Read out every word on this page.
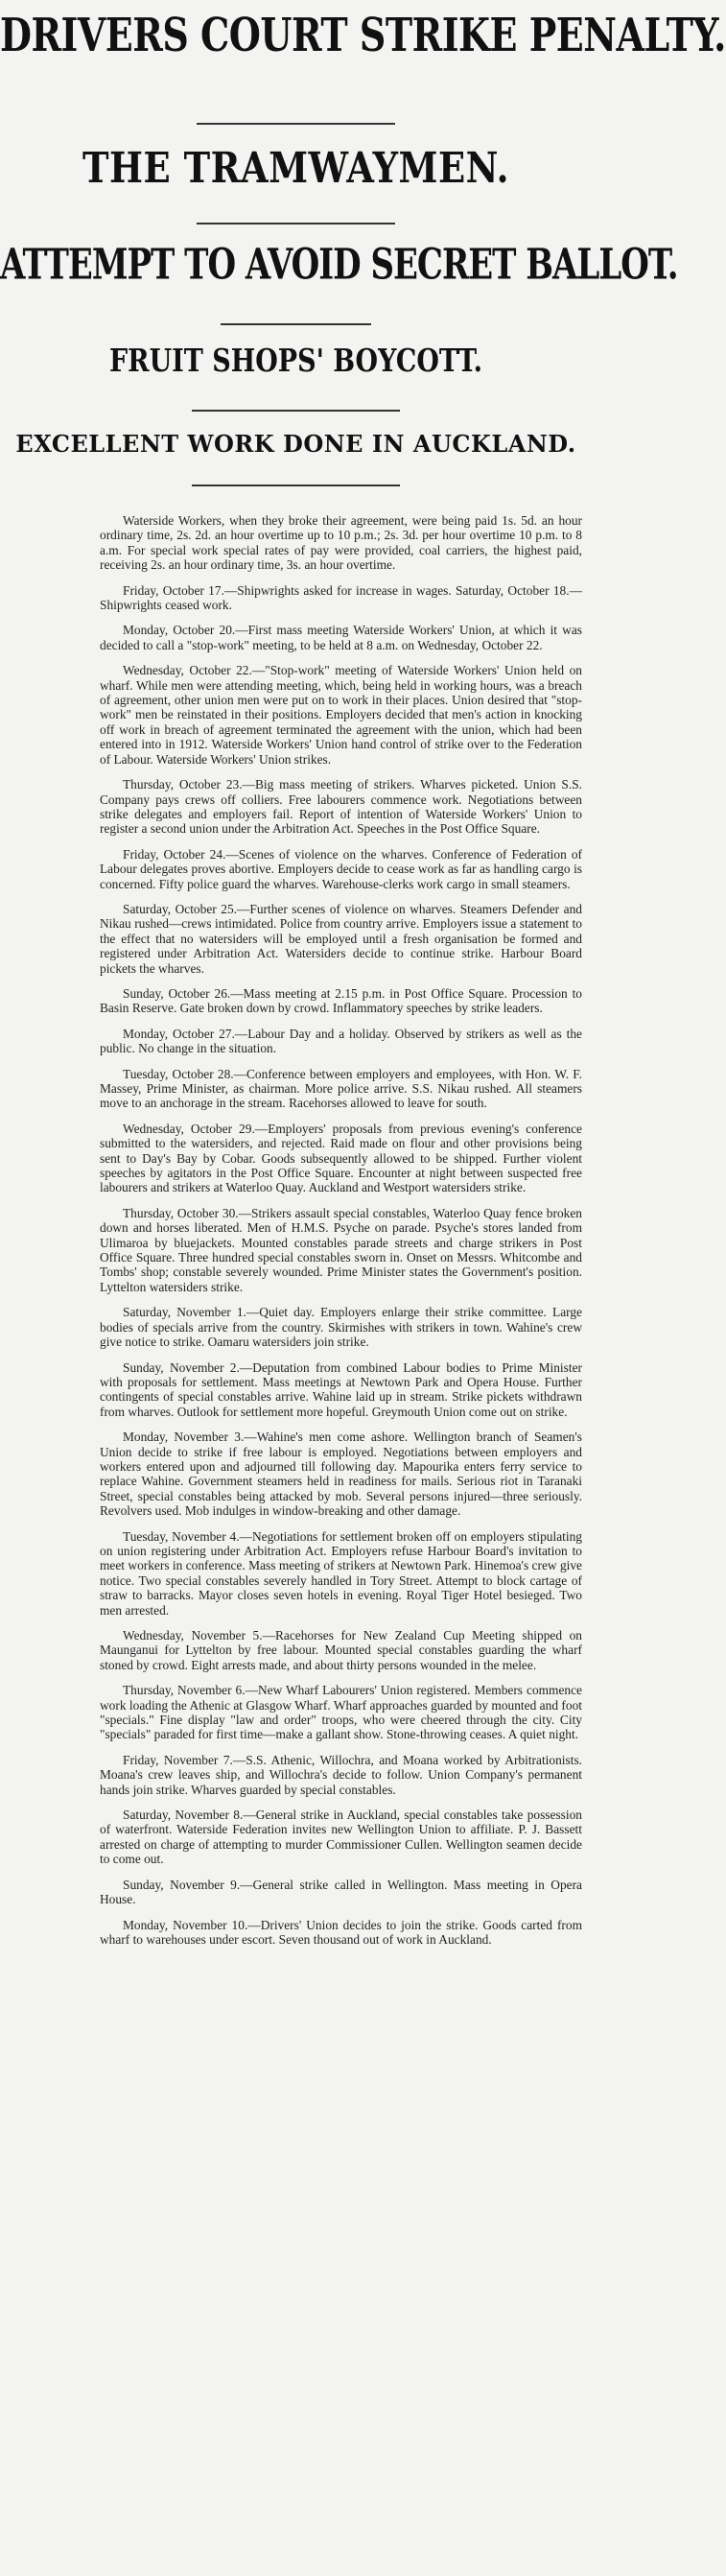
DRIVERS COURT STRIKE PENALTY.
THE TRAMWAYMEN.
ATTEMPT TO AVOID SECRET BALLOT.
FRUIT SHOPS' BOYCOTT.
EXCELLENT WORK DONE IN AUCKLAND.

Waterside Workers, when they broke their agreement, were being paid 1s. 5d. an hour ordinary time, 2s. 2d. an hour overtime up to 10 p.m.; 2s. 3d. per hour overtime 10 p.m. to 8 a.m. For special work special rates of pay were provided, coal carriers, the highest paid, receiving 2s. an hour ordinary time, 3s. an hour overtime.

Friday, October 17.—Shipwrights asked for increase in wages. Saturday, October 18.—Shipwrights ceased work.

Monday, October 20.—First mass meeting Waterside Workers' Union, at which it was decided to call a "stop-work" meeting, to be held at 8 a.m. on Wednesday, October 22.

Wednesday, October 22.—"Stop-work" meeting of Waterside Workers' Union held on wharf. While men were attending meeting, which, being held in working hours, was a breach of agreement, other union men were put on to work in their places. Union desired that "stop-work" men be reinstated in their positions. Employers decided that men's action in knocking off work in breach of agreement terminated the agreement with the union, which had been entered into in 1912. Waterside Workers' Union hand control of strike over to the Federation of Labour. Waterside Workers' Union strikes.

Thursday, October 23.—Big mass meeting of strikers. Wharves picketed. Union S.S. Company pays crews off colliers. Free labourers commence work. Negotiations between strike delegates and employers fail. Report of intention of Waterside Workers' Union to register a second union under the Arbitration Act. Speeches in the Post Office Square.

Friday, October 24.—Scenes of violence on the wharves. Conference of Federation of Labour delegates proves abortive. Employers decide to cease work as far as handling cargo is concerned. Fifty police guard the wharves. Warehouse-clerks work cargo in small steamers.

Saturday, October 25.—Further scenes of violence on wharves. Steamers Defender and Nikau rushed—crews intimidated. Police from country arrive. Employers issue a statement to the effect that no watersiders will be employed until a fresh organisation be formed and registered under Arbitration Act. Watersiders decide to continue strike. Harbour Board pickets the wharves.

Sunday, October 26.—Mass meeting at 2.15 p.m. in Post Office Square. Procession to Basin Reserve. Gate broken down by crowd. Inflammatory speeches by strike leaders.

Monday, October 27.—Labour Day and a holiday. Observed by strikers as well as the public. No change in the situation.

Tuesday, October 28.—Conference between employers and employees, with Hon. W. F. Massey, Prime Minister, as chairman. More police arrive. S.S. Nikau rushed. All steamers move to an anchorage in the stream. Racehorses allowed to leave for south.

Wednesday, October 29.—Employers' proposals from previous evening's conference submitted to the watersiders, and rejected. Raid made on flour and other provisions being sent to Day's Bay by Cobar. Goods subsequently allowed to be shipped. Further violent speeches by agitators in the Post Office Square. Encounter at night between suspected free labourers and strikers at Waterloo Quay. Auckland and Westport watersiders strike.

Thursday, October 30.—Strikers assault special constables, Waterloo Quay fence broken down and horses liberated. Men of H.M.S. Psyche on parade. Psyche's stores landed from Ulimaroa by bluejackets. Mounted constables parade streets and charge strikers in Post Office Square. Three hundred special constables sworn in. Onset on Messrs. Whitcombe and Tombs' shop; constable severely wounded. Prime Minister states the Government's position. Lyttelton watersiders strike.

Saturday, November 1.—Quiet day. Employers enlarge their strike committee. Large bodies of specials arrive from the country. Skirmishes with strikers in town. Wahine's crew give notice to strike. Oamaru watersiders join strike.

Sunday, November 2.—Deputation from combined Labour bodies to Prime Minister with proposals for settlement. Mass meetings at Newtown Park and Opera House. Further contingents of special constables arrive. Wahine laid up in stream. Strike pickets withdrawn from wharves. Outlook for settlement more hopeful. Greymouth Union come out on strike.

Monday, November 3.—Wahine's men come ashore. Wellington branch of Seamen's Union decide to strike if free labour is employed. Negotiations between employers and workers entered upon and adjourned till following day. Mapourika enters ferry service to replace Wahine. Government steamers held in readiness for mails. Serious riot in Taranaki Street, special constables being attacked by mob. Several persons injured—three seriously. Revolvers used. Mob indulges in window-breaking and other damage.

Tuesday, November 4.—Negotiations for settlement broken off on employers stipulating on union registering under Arbitration Act. Employers refuse Harbour Board's invitation to meet workers in conference. Mass meeting of strikers at Newtown Park. Hinemoa's crew give notice. Two special constables severely handled in Tory Street. Attempt to block cartage of straw to barracks. Mayor closes seven hotels in evening. Royal Tiger Hotel besieged. Two men arrested.

Wednesday, November 5.—Racehorses for New Zealand Cup Meeting shipped on Maunganui for Lyttelton by free labour. Mounted special constables guarding the wharf stoned by crowd. Eight arrests made, and about thirty persons wounded in the melee.

Thursday, November 6.—New Wharf Labourers' Union registered. Members commence work loading the Athenic at Glasgow Wharf. Wharf approaches guarded by mounted and foot "specials." Fine display "law and order" troops, who were cheered through the city. City "specials" paraded for first time—make a gallant show. Stone-throwing ceases. A quiet night.

Friday, November 7.—S.S. Athenic, Willochra, and Moana worked by Arbitrationists. Moana's crew leaves ship, and Willochra's decide to follow. Union Company's permanent hands join strike. Wharves guarded by special constables.

Saturday, November 8.—General strike in Auckland, special constables take possession of waterfront. Waterside Federation invites new Wellington Union to affiliate. P. J. Bassett arrested on charge of attempting to murder Commissioner Cullen. Wellington seamen decide to come out.

Sunday, November 9.—General strike called in Wellington. Mass meeting in Opera House.

Monday, November 10.—Drivers' Union decides to join the strike. Goods carted from wharf to warehouses under escort. Seven thousand out of work in Auckland.
